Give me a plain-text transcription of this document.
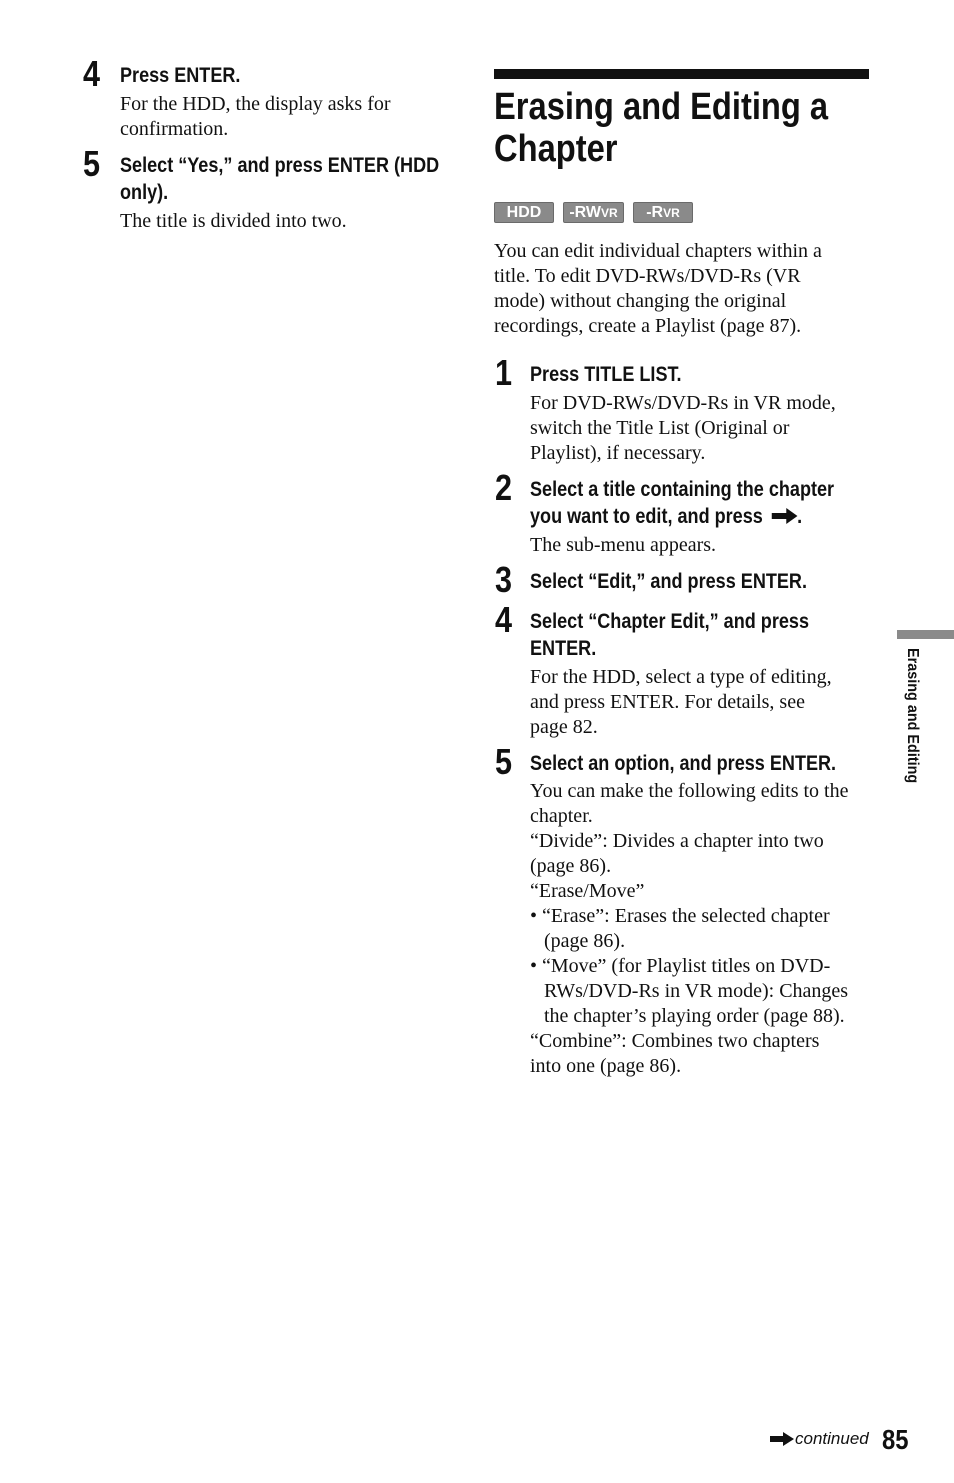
4 Press ENTER.

For the HDD, the display asks for

confirmation.

5 Select “Yes,” and press ENTER (HDD
only).

The title is divided into two.

Erasing and Editing a
Chapter
HDD -RW VR -R VR

You can edit individual chapters within a

title. To edit DVD-RWs/DVD-Rs (VR

mode) without changing the original

recordings, create a Playlist (page 87).

1 Press TITLE LIST.

For DVD-RWs/DVD-Rs in VR mode,

switch the Title List (Original or

Playlist), if necessary.

2 Select a title containing the chapter
you want to edit, and press .

The sub-menu appears.

3 Select “Edit,” and press ENTER.
4 Select “Chapter Edit,” and press
ENTER.

For the HDD, select a type of editing,

and press ENTER. For details, see

page 82.

5 Select an option, and press ENTER.

You can make the following edits to the

chapter.

“Divide”: Divides a chapter into two

(page 86).

“Erase/Move”

• “Erase”: Erases the selected chapter

(page 86).

• “Move” (for Playlist titles on DVD-

RWs/DVD-Rs in VR mode): Changes

the chapter’s playing order (page 88).

“Combine”: Combines two chapters

into one (page 86).

Erasing and Editing
continued 85
